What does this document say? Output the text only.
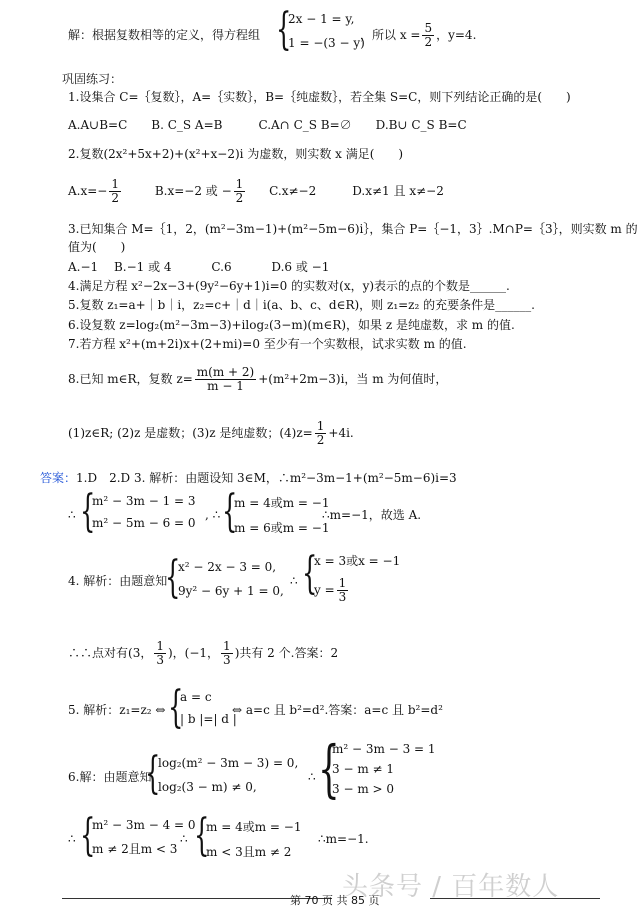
解：根据复数相等的定义，得方程组 {
2x − 1 = y,
1 = −(3 − y)
，所以 $x = \frac{5}{2}$ ，y=4.
巩固练习：
1.设集合 C=｛复数｝，A=｛实数｝，B=｛纯虚数｝，若全集 S=C，则下列结论正确的是(　　)
A.A∪B=C　　B. C_S A=B　　　C.A∩ C_S B=∅　　D.B∪ C_S B=C
2.复数(2x²+5x+2)+(x²+x−2)i 为虚数，则实数 x 满足(　　)
$A.x=- \frac{1}{2}$	B.x=−2 或 − $\frac{1}{2} C.x\ne-2$　　　D.x≠1 且 x≠−2
3.已知集合 M=｛1，2，(m²−3m−1)+(m²−5m−6)i｝，集合 P=｛−1，3｝.M∩P=｛3｝，则实数 m 的
值为(　　)
A.−1　 B.−1 或 4　　　 C.6　　　 D.6 或 −1
4.满足方程 x²−2x−3+(9y²−6y+1)i=0 的实数对(x，y)表示的点的个数是______.
5.复数 z₁=a+｜b｜i，z₂=c+｜d｜i(a、b、c、d∈R)，则 z₁=z₂ 的充要条件是______.
6.设复数 z=log₂(m²−3m−3)+ilog₂(3−m)(m∈R)，如果 z 是纯虚数，求 m 的值.
7.若方程 x²+(m+2i)x+(2+mi)=0 至少有一个实数根，试求实数 m 的值.
8.已知 m∈R，复数 $z= \frac{m(m + 2)}{m - 1} +(m^2+2m-3)i$，当 m 为何值时，
(1)z∈R; (2)z 是虚数；(3)z 是纯虚数；$(4)z= \frac{1}{2} +4i$.
答案：1.D　2.D 3. 解析：由题设知 3∈M，∴m²−3m−1+(m²−5m−6)i=3
∴ {
m² − 3m − 1 = 3
m² − 5m − 6 = 0
, ∴ {
m = 4或m = −1
m = 6或m = −1
∴m=−1，故选 A.
4. 解析：由题意知
{
x² − 2x − 3 = 0,
9y² − 6y + 1 = 0,
∴ {
x = 3或x = −1
$y = \frac{1}{3}$
∴∴点对有(3， $\frac{1}{3}$ )，(−1， $\frac{1}{3}$ )共有 2 个.答案：2
5. 解析：z₁=z₂ ⇔ {
a = c
| b |=| d |
⇔ a=c 且 b²=d².答案：a=c 且 b²=d²
6.解：由题意知
{
log₂(m² − 3m − 3) = 0,
log₂(3 − m) ≠ 0,
∴ {
m² − 3m − 3 = 1
3 − m ≠ 1
3 − m > 0
∴ {
m² − 3m − 4 = 0
m ≠ 2且m < 3
∴ {
m = 4或m = −1
m < 3且m ≠ 2
∴m=−1.
第 70 页 共 85 页
头条号 / 百年数人
